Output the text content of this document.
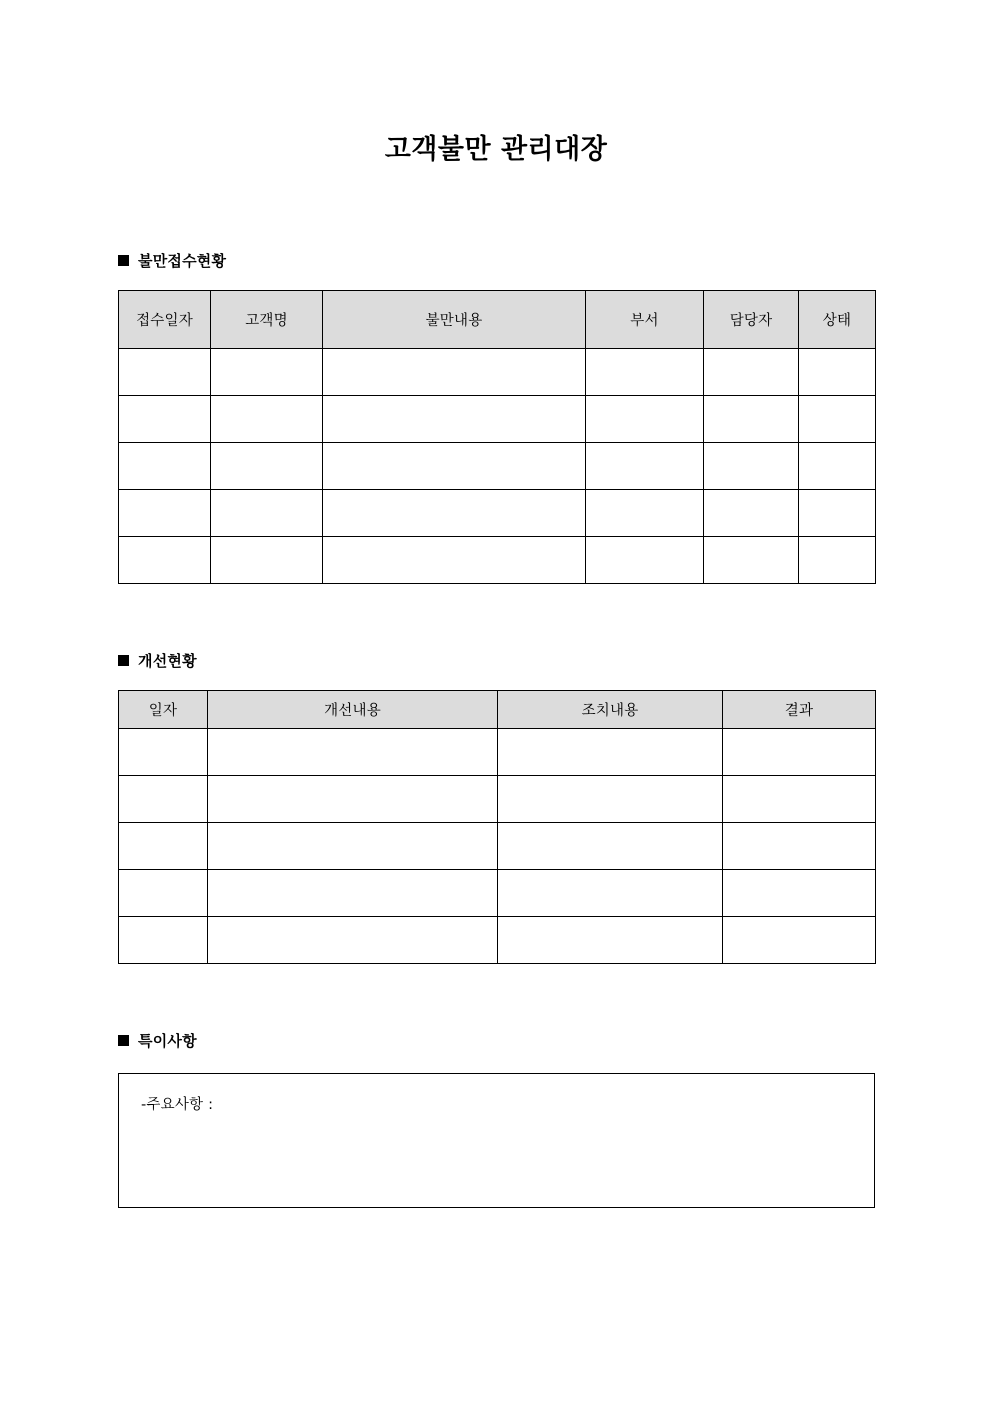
고객불만 관리대장
불만접수현황
접수일자	고객명	불만내용	부서	담당자	상태

개선현황
일자	개선내용	조치내용	결과

특이사항
-주요사항 :
